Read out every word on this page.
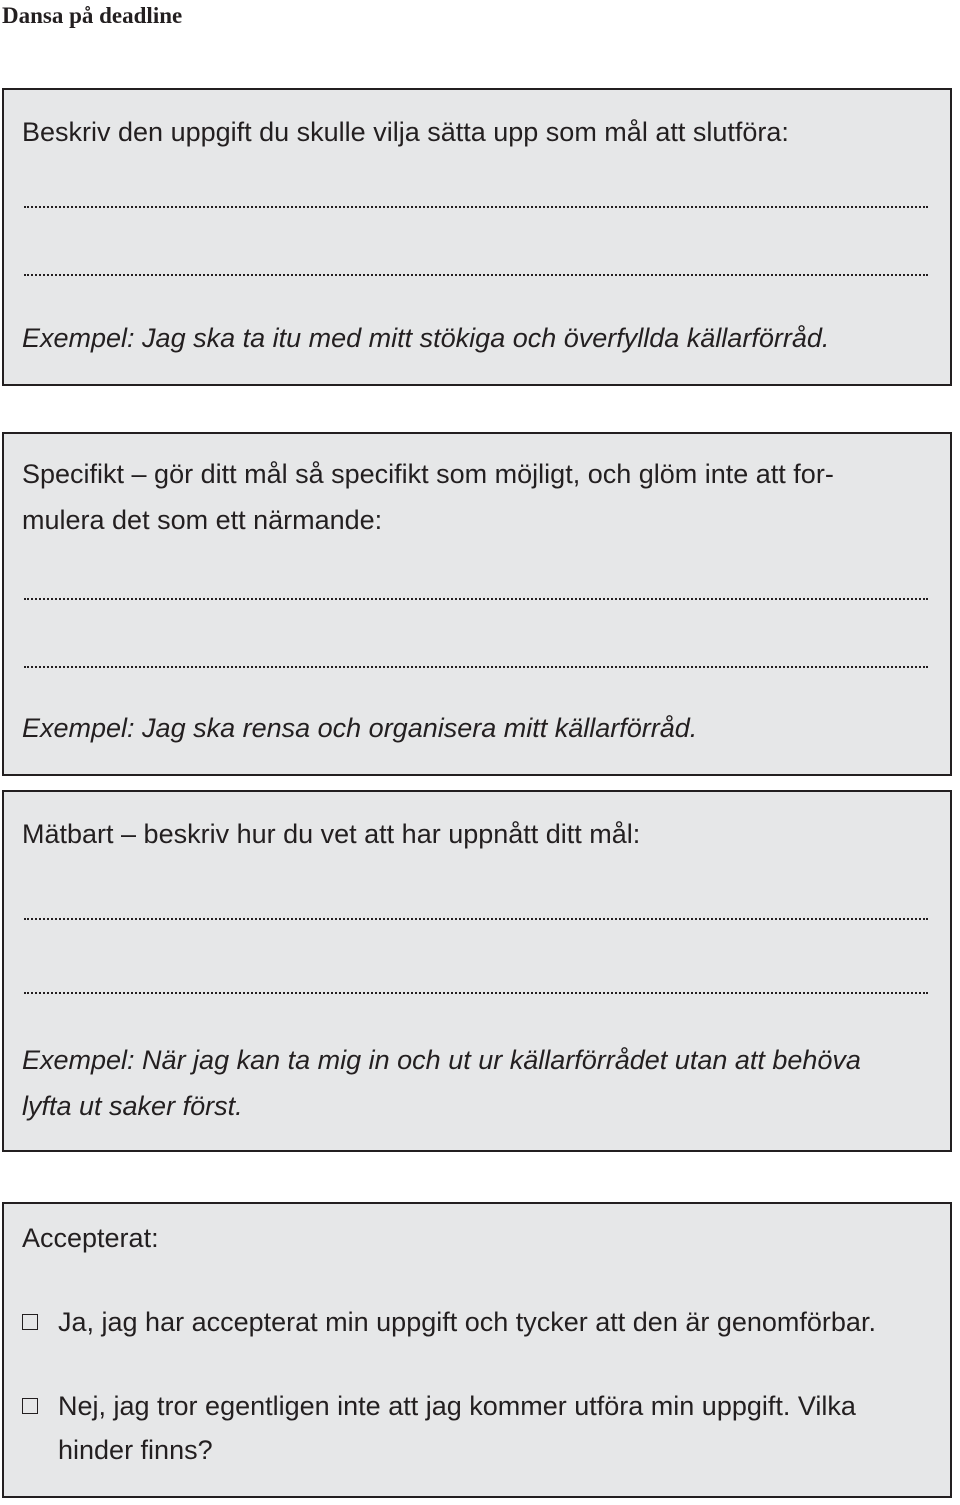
Dansa på deadline
Beskriv den uppgift du skulle vilja sätta upp som mål att slutföra:
Exempel: Jag ska ta itu med mitt stökiga och överfyllda källarförråd.
Specifikt – gör ditt mål så specifikt som möjligt, och glöm inte att for-
mulera det som ett närmande:
Exempel: Jag ska rensa och organisera mitt källarförråd.
Mätbart – beskriv hur du vet att har uppnått ditt mål:
Exempel: När jag kan ta mig in och ut ur källarförrådet utan att behöva
lyfta ut saker först.
Accepterat:
Ja, jag har accepterat min uppgift och tycker att den är genomförbar.
Nej, jag tror egentligen inte att jag kommer utföra min uppgift. Vilka
hinder finns?
